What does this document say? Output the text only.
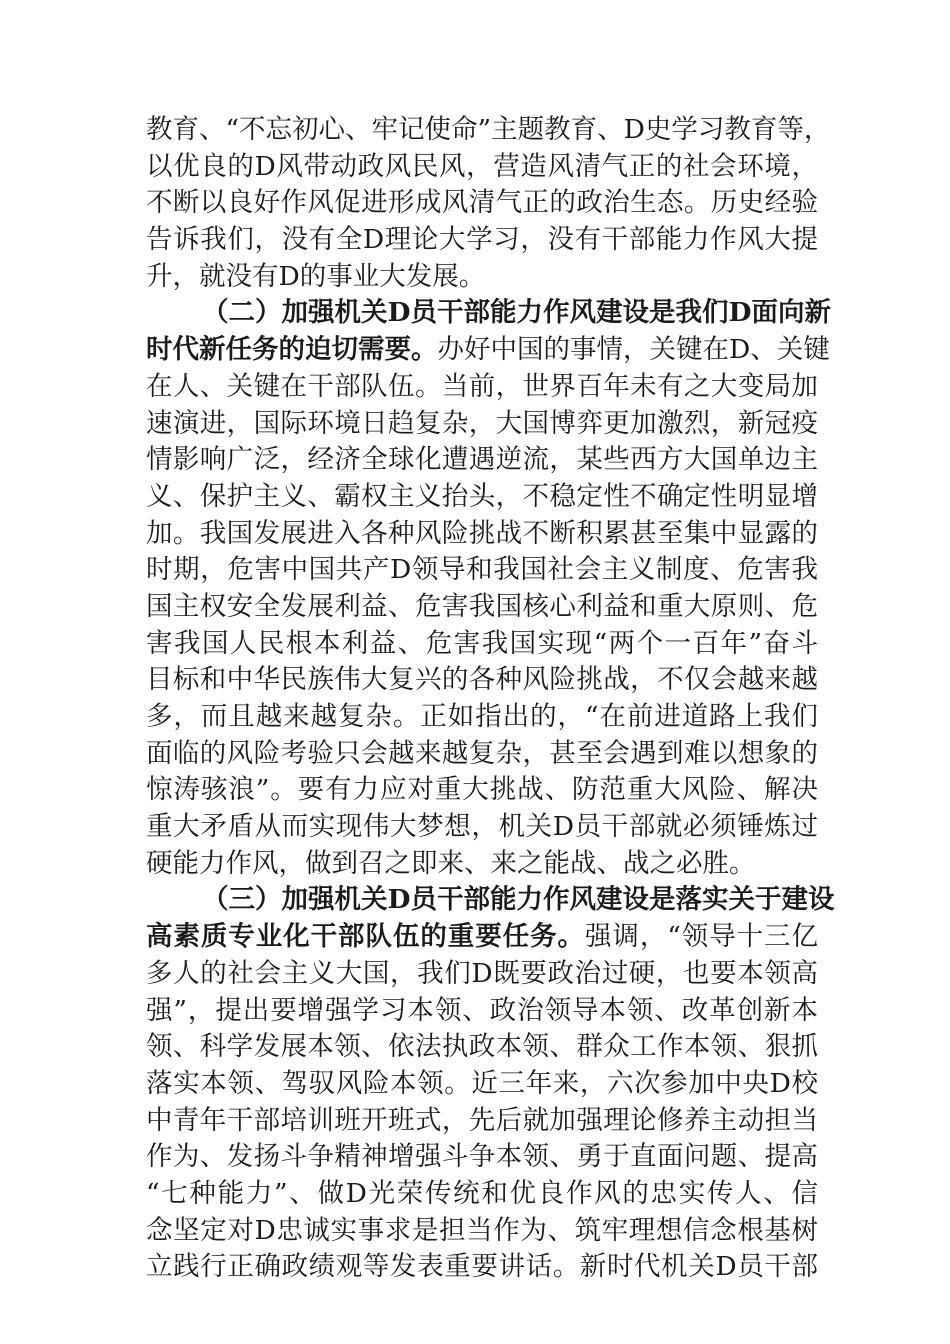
教育、“不忘初心、牢记使命”主题教育、D史学习教育等，
以优良的D风带动政风民风，营造风清气正的社会环境，
不断以良好作风促进形成风清气正的政治生态。历史经验
告诉我们，没有全D理论大学习，没有干部能力作风大提
升，就没有D的事业大发展。
（二）加强机关D员干部能力作风建设是我们D面向新
时代新任务的迫切需要。办好中国的事情，关键在D、关键
在人、关键在干部队伍。当前，世界百年未有之大变局加
速演进，国际环境日趋复杂，大国博弈更加激烈，新冠疫
情影响广泛，经济全球化遭遇逆流，某些西方大国单边主
义、保护主义、霸权主义抬头，不稳定性不确定性明显增
加。我国发展进入各种风险挑战不断积累甚至集中显露的
时期，危害中国共产D领导和我国社会主义制度、危害我
国主权安全发展利益、危害我国核心利益和重大原则、危
害我国人民根本利益、危害我国实现“两个一百年”奋斗
目标和中华民族伟大复兴的各种风险挑战，不仅会越来越
多，而且越来越复杂。正如指出的，“在前进道路上我们
面临的风险考验只会越来越复杂，甚至会遇到难以想象的
惊涛骇浪”。要有力应对重大挑战、防范重大风险、解决
重大矛盾从而实现伟大梦想，机关D员干部就必须锤炼过
硬能力作风，做到召之即来、来之能战、战之必胜。
（三）加强机关D员干部能力作风建设是落实关于建设
高素质专业化干部队伍的重要任务。强调，“领导十三亿
多人的社会主义大国，我们D既要政治过硬，也要本领高
强”，提出要增强学习本领、政治领导本领、改革创新本
领、科学发展本领、依法执政本领、群众工作本领、狠抓
落实本领、驾驭风险本领。近三年来，六次参加中央D校
中青年干部培训班开班式，先后就加强理论修养主动担当
作为、发扬斗争精神增强斗争本领、勇于直面问题、提高
“七种能力”、做D光荣传统和优良作风的忠实传人、信
念坚定对D忠诚实事求是担当作为、筑牢理想信念根基树
立践行正确政绩观等发表重要讲话。新时代机关D员干部
